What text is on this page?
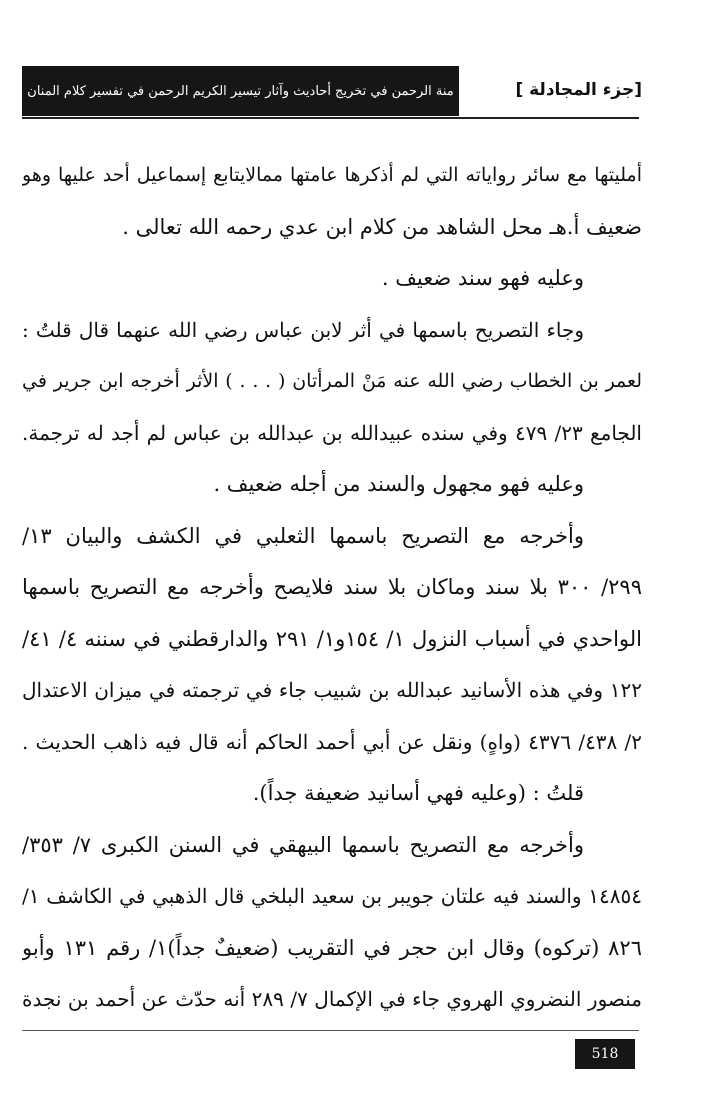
منة الرحمن في تخريج أحاديث وآثار تيسير الكريم الرحمن في تفسير كلام المنان	[جزء المجادلة ]
أمليتها مع سائر رواياته التي لم أذكرها عامتها ممالايتابع إسماعيل أحد عليها وهو
ضعيف أ.هـ محل الشاهد من كلام ابن عدي رحمه الله تعالى .
وعليه فهو سند ضعيف .
وجاء التصريح باسمها في أثر لابن عباس رضي الله عنهما قال قلتُ :
لعمر بن الخطاب رضي الله عنه مَنْ المرأتان ( . . . ) الأثر أخرجه ابن جرير في
الجامع ٢٣/ ٤٧٩ وفي سنده عبيدالله بن عبدالله بن عباس لم أجد له ترجمة.
وعليه فهو مجهول والسند من أجله ضعيف .
وأخرجه مع التصريح باسمها الثعلبي في الكشف والبيان ١٣/
٢٩٩/ ٣٠٠ بلا سند وماكان بلا سند فلايصح وأخرجه مع التصريح باسمها
الواحدي في أسباب النزول ١/ ١٥٤و١/ ٢٩١ والدارقطني في سننه ٤/ ٤١/
١٢٢ وفي هذه الأسانيد عبدالله بن شبيب جاء في ترجمته في ميزان الاعتدال
٢/ ٤٣٨/ ٤٣٧٦ (واهٍ) ونقل عن أبي أحمد الحاكم أنه قال فيه ذاهب الحديث .
قلتُ : (وعليه فهي أسانيد ضعيفة جداً).
وأخرجه مع التصريح باسمها البيهقي في السنن الكبرى ٧/ ٣٥٣/
١٤٨٥٤ والسند فيه علتان جويبر بن سعيد البلخي قال الذهبي في الكاشف ١/
٨٢٦ (تركوه) وقال ابن حجر في التقريب (ضعيفٌ جداً)١/ رقم ١٣١ وأبو
منصور النضروي الهروي جاء في الإكمال ٧/ ٢٨٩ أنه حدّث عن أحمد بن نجدة
518
